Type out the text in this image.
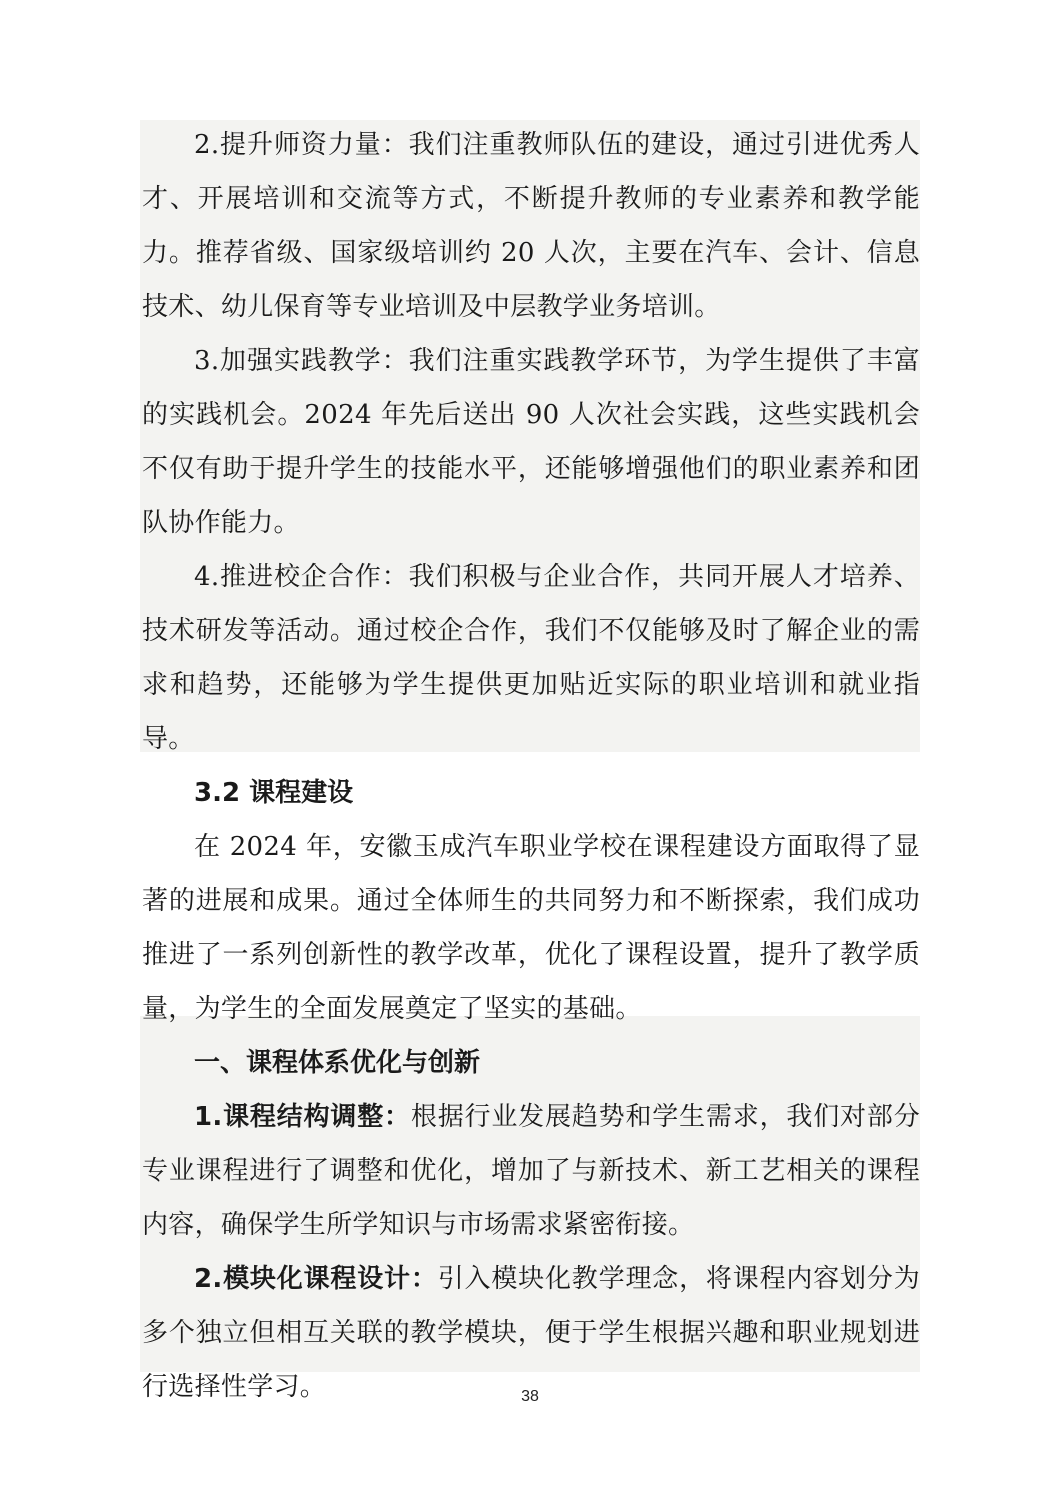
2.提升师资力量：我们注重教师队伍的建设，通过引进优秀人才、开展培训和交流等方式，不断提升教师的专业素养和教学能力。推荐省级、国家级培训约 20 人次，主要在汽车、会计、信息技术、幼儿保育等专业培训及中层教学业务培训。

3.加强实践教学：我们注重实践教学环节，为学生提供了丰富的实践机会。2024 年先后送出 90 人次社会实践，这些实践机会不仅有助于提升学生的技能水平，还能够增强他们的职业素养和团队协作能力。

4.推进校企合作：我们积极与企业合作，共同开展人才培养、技术研发等活动。通过校企合作，我们不仅能够及时了解企业的需求和趋势，还能够为学生提供更加贴近实际的职业培训和就业指导。

3.2 课程建设

在 2024 年，安徽玉成汽车职业学校在课程建设方面取得了显著的进展和成果。通过全体师生的共同努力和不断探索，我们成功推进了一系列创新性的教学改革，优化了课程设置，提升了教学质量，为学生的全面发展奠定了坚实的基础。

一、课程体系优化与创新

1.课程结构调整：根据行业发展趋势和学生需求，我们对部分专业课程进行了调整和优化，增加了与新技术、新工艺相关的课程内容，确保学生所学知识与市场需求紧密衔接。

2.模块化课程设计：引入模块化教学理念，将课程内容划分为多个独立但相互关联的教学模块，便于学生根据兴趣和职业规划进行选择性学习。	38
